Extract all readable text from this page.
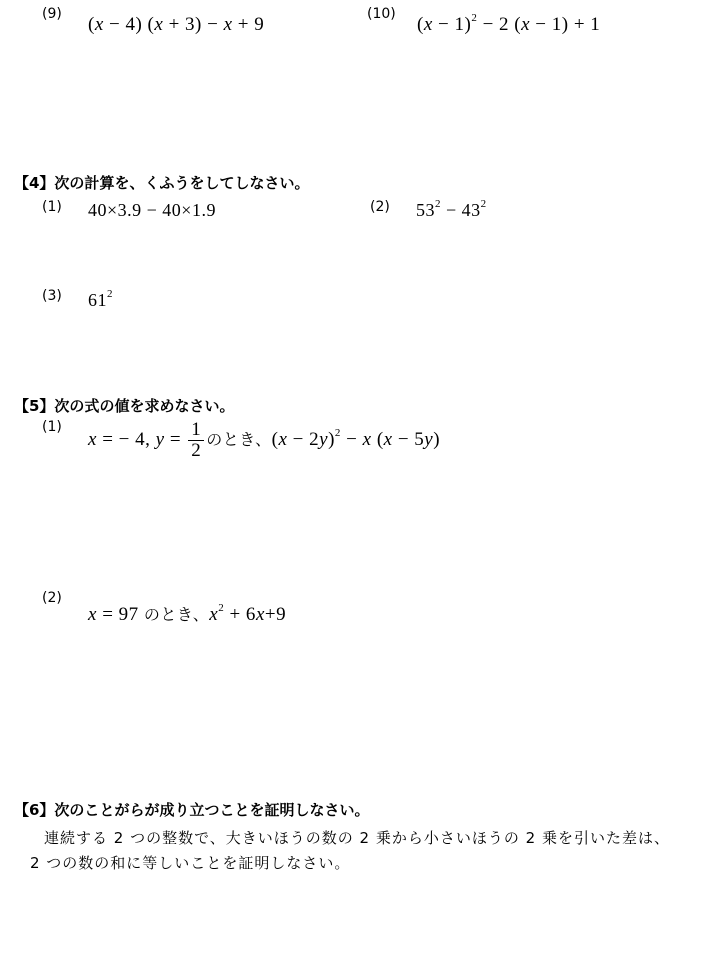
(9) (x − 4) (x + 3) − x + 9	(10) $(x - 1)^2 - 2$ (x − 1) + 1
【4】次の計算を、くふうをしてしなさい。
(1) 40×3.9 − 40×1.9	(2) $53^2 - 43^2$
(3) $61^2$
【5】次の式の値を求めなさい。
(1)
x = − 4, $y = \frac{1}{2}$ のとき、$(x - 2y)^2 - x$ (x − 5y)
(2)
x = 97 のとき、$x^2 + 6x+9$
【6】次のことがらが成り立つことを証明しなさい。
連続する 2 つの整数で、大きいほうの数の 2 乗から小さいほうの 2 乗を引いた差は、
2 つの数の和に等しいことを証明しなさい。
